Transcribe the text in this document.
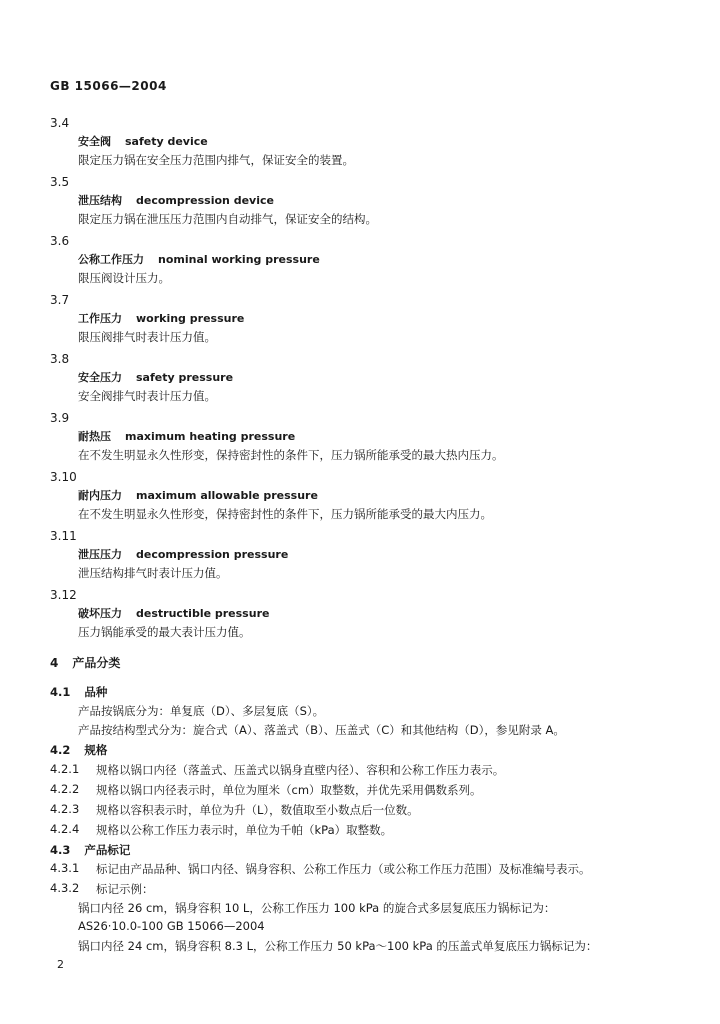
GB 15066—2004
3.4
安全阀 safety device
限定压力锅在安全压力范围内排气，保证安全的装置。
3.5
泄压结构 decompression device
限定压力锅在泄压压力范围内自动排气，保证安全的结构。
3.6
公称工作压力 nominal working pressure
限压阀设计压力。
3.7
工作压力 working pressure
限压阀排气时表计压力值。
3.8
安全压力 safety pressure
安全阀排气时表计压力值。
3.9
耐热压 maximum heating pressure
在不发生明显永久性形变，保持密封性的条件下，压力锅所能承受的最大热内压力。
3.10
耐内压力 maximum allowable pressure
在不发生明显永久性形变，保持密封性的条件下，压力锅所能承受的最大内压力。
3.11
泄压压力 decompression pressure
泄压结构排气时表计压力值。
3.12
破坏压力 destructible pressure
压力锅能承受的最大表计压力值。
4 产品分类
4.1 品种
产品按锅底分为：单复底（D）、多层复底（S）。
产品按结构型式分为：旋合式（A）、落盖式（B）、压盖式（C）和其他结构（D），参见附录 A。
4.2 规格
4.2.1 规格以锅口内径（落盖式、压盖式以锅身直壁内径）、容积和公称工作压力表示。
4.2.2 规格以锅口内径表示时，单位为厘米（cm）取整数，并优先采用偶数系列。
4.2.3 规格以容积表示时，单位为升（L），数值取至小数点后一位数。
4.2.4 规格以公称工作压力表示时，单位为千帕（kPa）取整数。
4.3 产品标记
4.3.1 标记由产品品种、锅口内径、锅身容积、公称工作压力（或公称工作压力范围）及标准编号表示。
4.3.2 标记示例：
锅口内径 26 cm，锅身容积 10 L，公称工作压力 100 kPa 的旋合式多层复底压力锅标记为：
AS26·10.0-100 GB 15066—2004
锅口内径 24 cm，锅身容积 8.3 L，公称工作压力 50 kPa～100 kPa 的压盖式单复底压力锅标记为：
2
